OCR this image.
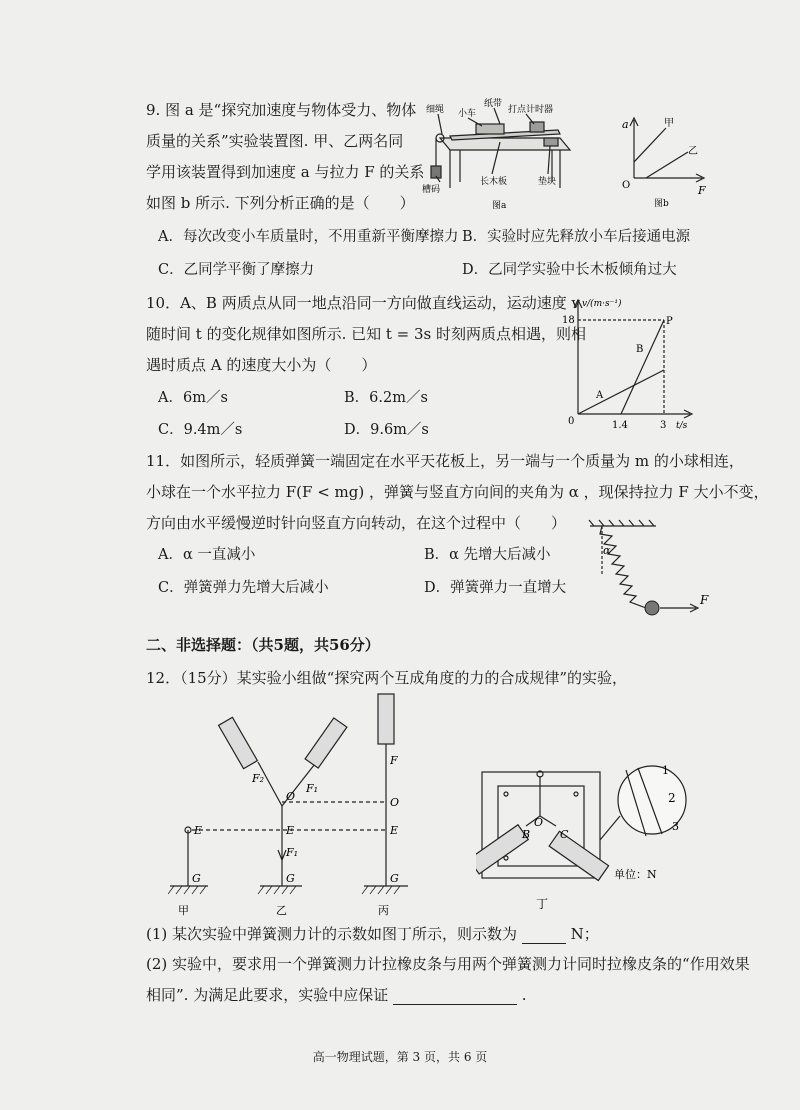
9. 图 a 是“探究加速度与物体受力、物体
质量的关系”实验装置图. 甲、乙两名同
学用该装置得到加速度 a 与拉力 F 的关系
如图 b 所示. 下列分析正确的是（　　）
细绳 小车
纸带
打点计时器
槽码
长木板	垫块
图a
a
F
O
甲
乙
图b
A．每次改变小车质量时，不用重新平衡摩擦力 B．实验时应先释放小车后接通电源
C．乙同学平衡了摩擦力	D．乙同学实验中长木板倾角过大
10．A、B 两质点从同一地点沿同一方向做直线运动，运动速度 v
随时间 t 的变化规律如图所示. 已知 t = 3s 时刻两质点相遇，则相
遇时质点 A 的速度大小为（　　）
A．6m／s	B．6.2m／s
C．9.4m／s	D．9.6m／s
v/(m·s⁻¹)
t/s
18
1.4	3
0
A
B
P
11．如图所示，轻质弹簧一端固定在水平天花板上，另一端与一个质量为 m 的小球相连，
小球在一个水平拉力 F(F < mg) ，弹簧与竖直方向间的夹角为 α ，现保持拉力 F 大小不变，
方向由水平缓慢逆时针向竖直方向转动，在这个过程中（　　）
A．α 一直减小	B．α 先增大后减小
C．弹簧弹力先增大后减小	D．弹簧弹力一直增大
α
F
二、非选择题：（共5题，共56分）
12．（15分）某实验小组做“探究两个互成角度的力的合成规律”的实验，
E
G
甲
O
E
F₁
G
F₂
F₁
乙
F
O
E
G
丙
B	C
O
1
2
3
单位：N
丁
(1) 某次实验中弹簧测力计的示数如图丁所示，则示数为	N；
(2) 实验中，要求用一个弹簧测力计拉橡皮条与用两个弹簧测力计同时拉橡皮条的“作用效果
相同”. 为满足此要求，实验中应保证	.
高一物理试题，第 3 页，共 6 页
